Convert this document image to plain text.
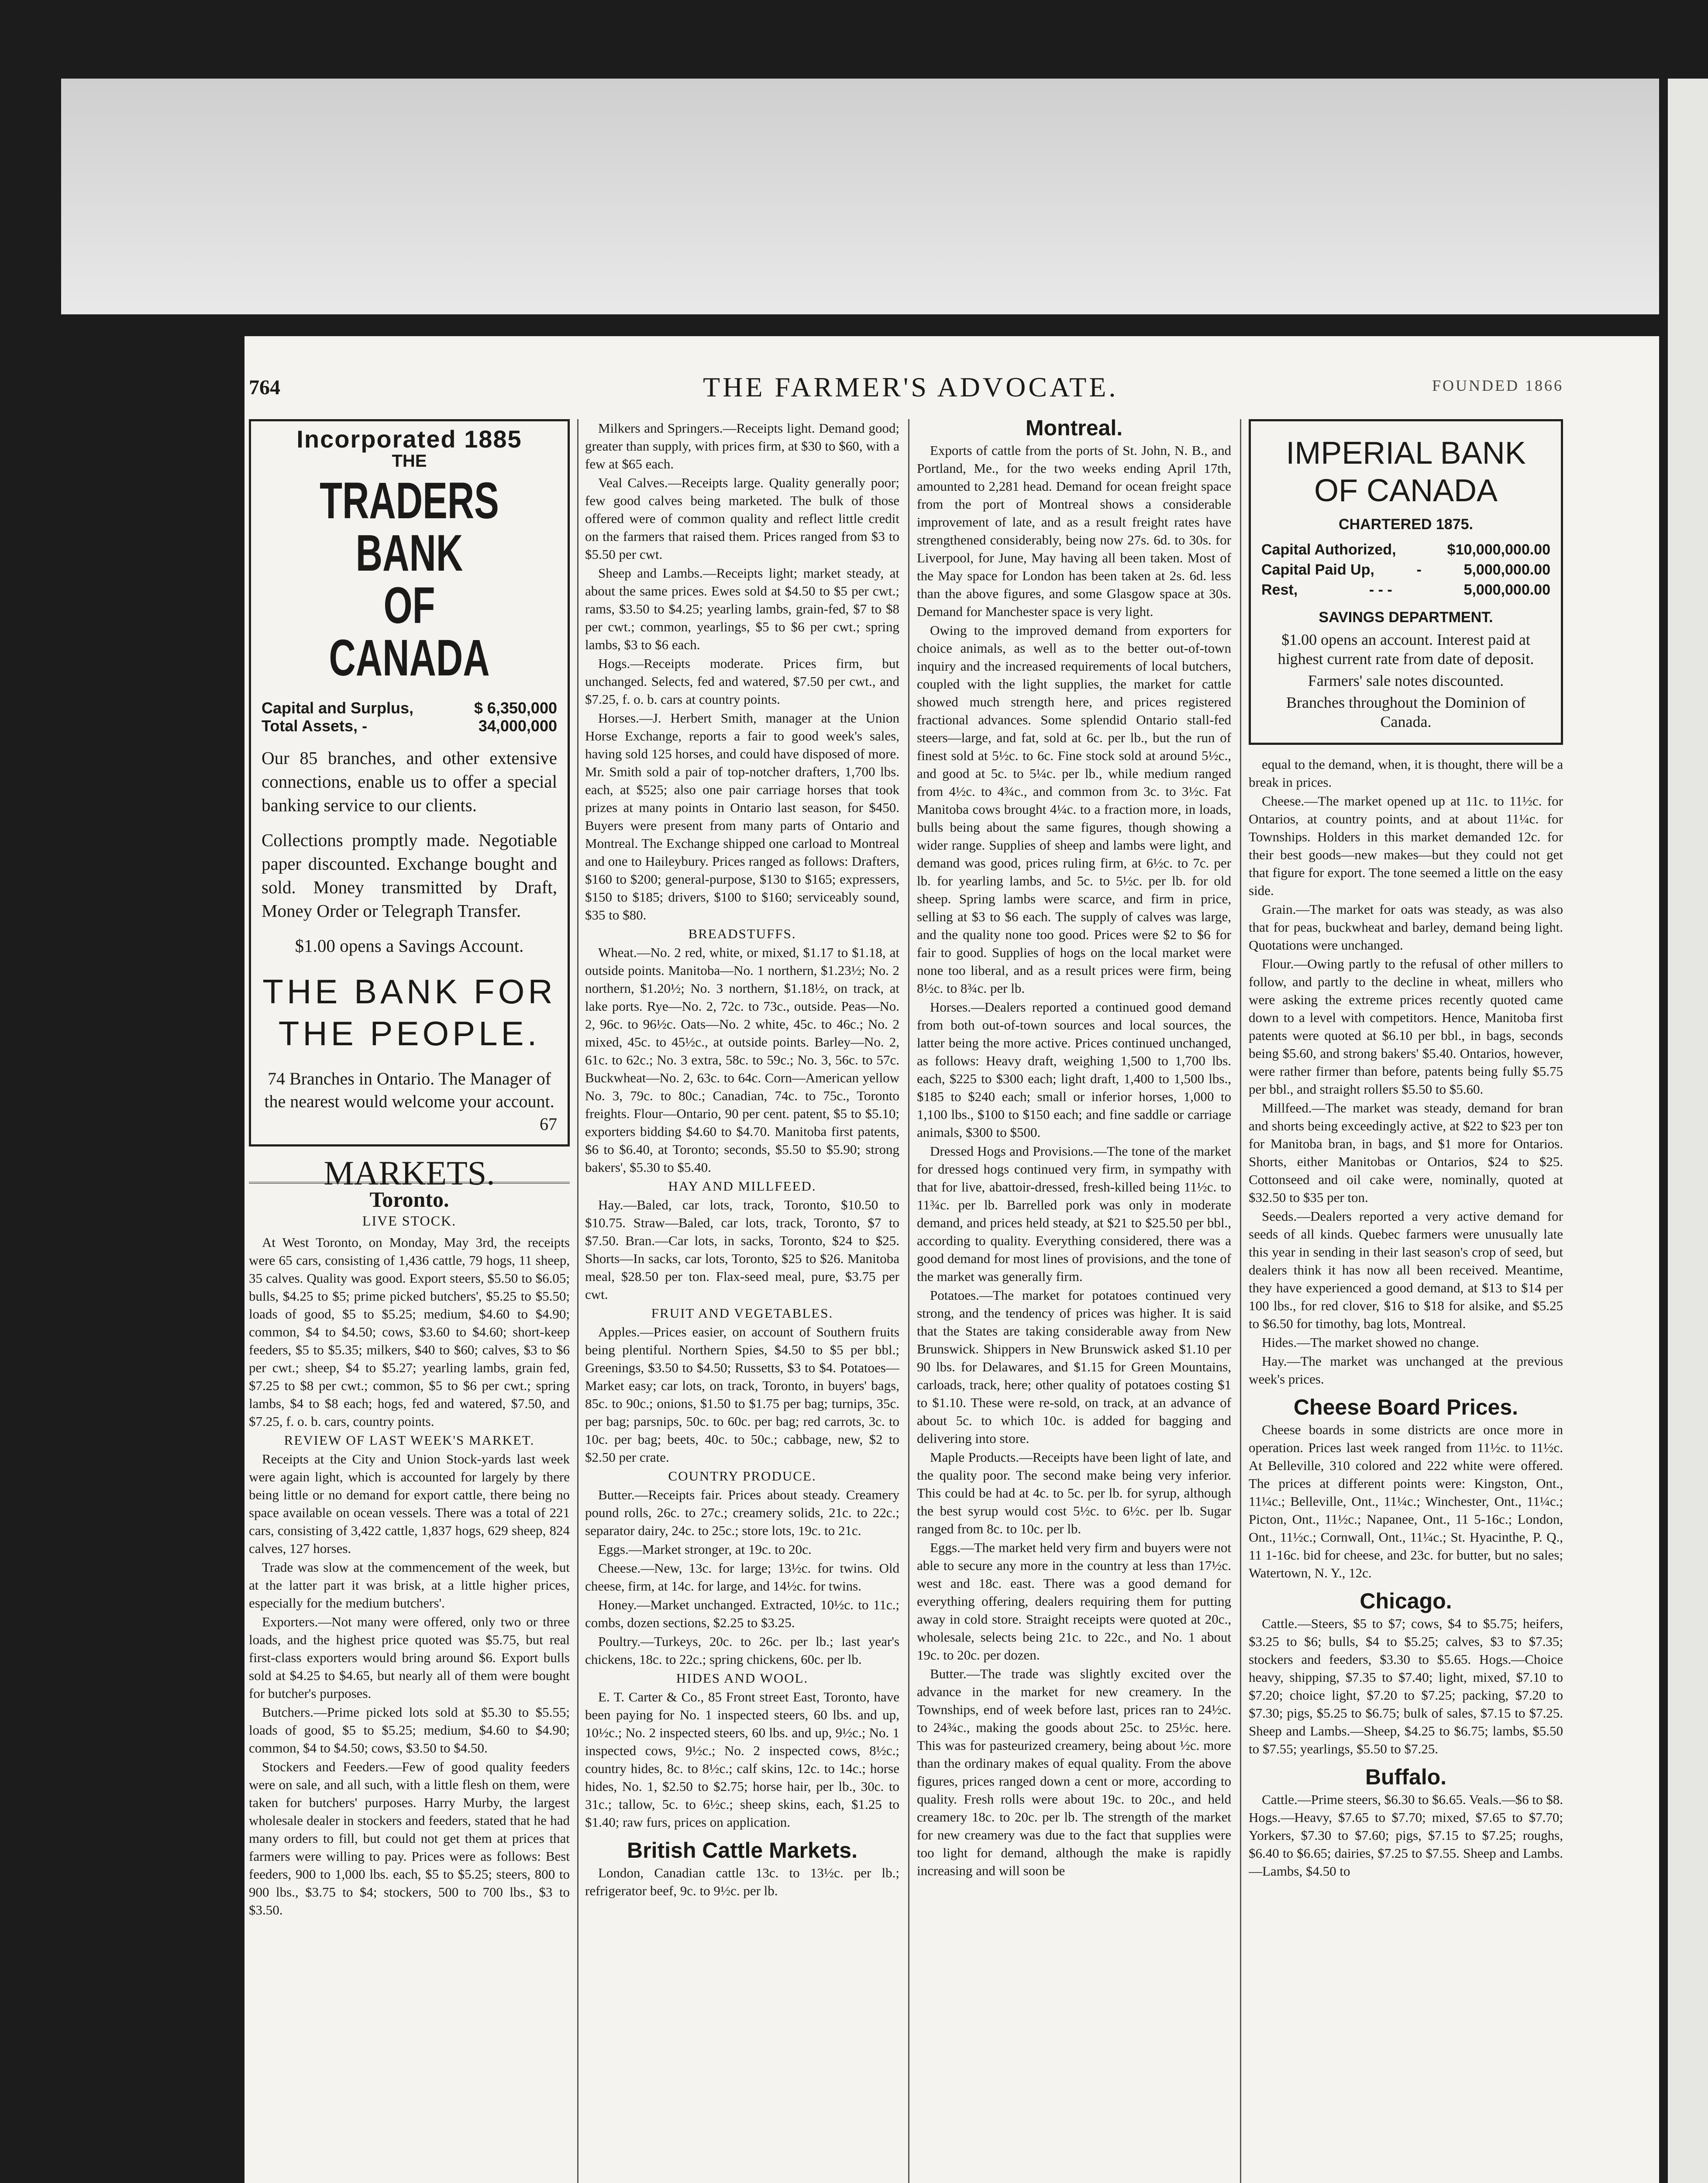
764	THE FARMER'S ADVOCATE.	FOUNDED 1866
Incorporated 1885
THE
TRADERS BANK
OF CANADA
Capital and Surplus,	$ 6,350,000
Total Assets, -	34,000,000
Our 85 branches, and other extensive connections, enable us to offer a special banking service to our clients.
Collections promptly made. Negotiable paper discounted. Exchange bought and sold. Money transmitted by Draft, Money Order or Telegraph Transfer.
$1.00 opens a Savings Account.
THE BANK FOR THE PEOPLE.
74 Branches in Ontario. The Manager of the nearest would welcome your account.
67
MARKETS.
Toronto.
LIVE STOCK.

At West Toronto, on Monday, May 3rd, the receipts were 65 cars, consisting of 1,436 cattle, 79 hogs, 11 sheep, 35 calves. Quality was good. Export steers, $5.50 to $6.05; bulls, $4.25 to $5; prime picked butchers', $5.25 to $5.50; loads of good, $5 to $5.25; medium, $4.60 to $4.90; common, $4 to $4.50; cows, $3.60 to $4.60; short-keep feeders, $5 to $5.35; milkers, $40 to $60; calves, $3 to $6 per cwt.; sheep, $4 to $5.27; yearling lambs, grain fed, $7.25 to $8 per cwt.; common, $5 to $6 per cwt.; spring lambs, $4 to $8 each; hogs, fed and watered, $7.50, and $7.25, f. o. b. cars, country points.

REVIEW OF LAST WEEK'S MARKET.

Receipts at the City and Union Stock-yards last week were again light, which is accounted for largely by there being little or no demand for export cattle, there being no space available on ocean vessels. There was a total of 221 cars, consisting of 3,422 cattle, 1,837 hogs, 629 sheep, 824 calves, 127 horses.

Trade was slow at the commencement of the week, but at the latter part it was brisk, at a little higher prices, especially for the medium butchers'.

Exporters.—Not many were offered, only two or three loads, and the highest price quoted was $5.75, but real first-class exporters would bring around $6. Export bulls sold at $4.25 to $4.65, but nearly all of them were bought for butcher's purposes.

Butchers.—Prime picked lots sold at $5.30 to $5.55; loads of good, $5 to $5.25; medium, $4.60 to $4.90; common, $4 to $4.50; cows, $3.50 to $4.50.

Stockers and Feeders.—Few of good quality feeders were on sale, and all such, with a little flesh on them, were taken for butchers' purposes. Harry Murby, the largest wholesale dealer in stockers and feeders, stated that he had many orders to fill, but could not get them at prices that farmers were willing to pay. Prices were as follows: Best feeders, 900 to 1,000 lbs. each, $5 to $5.25; steers, 800 to 900 lbs., $3.75 to $4; stockers, 500 to 700 lbs., $3 to $3.50.

Milkers and Springers.—Receipts light. Demand good; greater than supply, with prices firm, at $30 to $60, with a few at $65 each.

Veal Calves.—Receipts large. Quality generally poor; few good calves being marketed. The bulk of those offered were of common quality and reflect little credit on the farmers that raised them. Prices ranged from $3 to $5.50 per cwt.

Sheep and Lambs.—Receipts light; market steady, at about the same prices. Ewes sold at $4.50 to $5 per cwt.; rams, $3.50 to $4.25; yearling lambs, grain-fed, $7 to $8 per cwt.; common, yearlings, $5 to $6 per cwt.; spring lambs, $3 to $6 each.

Hogs.—Receipts moderate. Prices firm, but unchanged. Selects, fed and watered, $7.50 per cwt., and $7.25, f. o. b. cars at country points.

Horses.—J. Herbert Smith, manager at the Union Horse Exchange, reports a fair to good week's sales, having sold 125 horses, and could have disposed of more. Mr. Smith sold a pair of top-notcher drafters, 1,700 lbs. each, at $525; also one pair carriage horses that took prizes at many points in Ontario last season, for $450. Buyers were present from many parts of Ontario and Montreal. The Exchange shipped one carload to Montreal and one to Haileybury. Prices ranged as follows: Drafters, $160 to $200; general-purpose, $130 to $165; expressers, $150 to $185; drivers, $100 to $160; serviceably sound, $35 to $80.

BREADSTUFFS.

Wheat.—No. 2 red, white, or mixed, $1.17 to $1.18, at outside points. Manitoba—No. 1 northern, $1.23½; No. 2 northern, $1.20½; No. 3 northern, $1.18½, on track, at lake ports. Rye—No. 2, 72c. to 73c., outside. Peas—No. 2, 96c. to 96½c. Oats—No. 2 white, 45c. to 46c.; No. 2 mixed, 45c. to 45½c., at outside points. Barley—No. 2, 61c. to 62c.; No. 3 extra, 58c. to 59c.; No. 3, 56c. to 57c. Buckwheat—No. 2, 63c. to 64c. Corn—American yellow No. 3, 79c. to 80c.; Canadian, 74c. to 75c., Toronto freights. Flour—Ontario, 90 per cent. patent, $5 to $5.10; exporters bidding $4.60 to $4.70. Manitoba first patents, $6 to $6.40, at Toronto; seconds, $5.50 to $5.90; strong bakers', $5.30 to $5.40.

HAY AND MILLFEED.

Hay.—Baled, car lots, track, Toronto, $10.50 to $10.75. Straw—Baled, car lots, track, Toronto, $7 to $7.50. Bran.—Car lots, in sacks, Toronto, $24 to $25. Shorts—In sacks, car lots, Toronto, $25 to $26. Manitoba meal, $28.50 per ton. Flax-seed meal, pure, $3.75 per cwt.

FRUIT AND VEGETABLES.

Apples.—Prices easier, on account of Southern fruits being plentiful. Northern Spies, $4.50 to $5 per bbl.; Greenings, $3.50 to $4.50; Russetts, $3 to $4. Potatoes—Market easy; car lots, on track, Toronto, in buyers' bags, 85c. to 90c.; onions, $1.50 to $1.75 per bag; turnips, 35c. per bag; parsnips, 50c. to 60c. per bag; red carrots, 3c. to 10c. per bag; beets, 40c. to 50c.; cabbage, new, $2 to $2.50 per crate.

COUNTRY PRODUCE.

Butter.—Receipts fair. Prices about steady. Creamery pound rolls, 26c. to 27c.; creamery solids, 21c. to 22c.; separator dairy, 24c. to 25c.; store lots, 19c. to 21c.

Eggs.—Market stronger, at 19c. to 20c.

Cheese.—New, 13c. for large; 13½c. for twins. Old cheese, firm, at 14c. for large, and 14½c. for twins.

Honey.—Market unchanged. Extracted, 10½c. to 11c.; combs, dozen sections, $2.25 to $3.25.

Poultry.—Turkeys, 20c. to 26c. per lb.; last year's chickens, 18c. to 22c.; spring chickens, 60c. per lb.

HIDES AND WOOL.

E. T. Carter & Co., 85 Front street East, Toronto, have been paying for No. 1 inspected steers, 60 lbs. and up, 10½c.; No. 2 inspected steers, 60 lbs. and up, 9½c.; No. 1 inspected cows, 9½c.; No. 2 inspected cows, 8½c.; country hides, 8c. to 8½c.; calf skins, 12c. to 14c.; horse hides, No. 1, $2.50 to $2.75; horse hair, per lb., 30c. to 31c.; tallow, 5c. to 6½c.; sheep skins, each, $1.25 to $1.40; raw furs, prices on application.

British Cattle Markets.

London, Canadian cattle 13c. to 13½c. per lb.; refrigerator beef, 9c. to 9½c. per lb.

Montreal.

Exports of cattle from the ports of St. John, N. B., and Portland, Me., for the two weeks ending April 17th, amounted to 2,281 head. Demand for ocean freight space from the port of Montreal shows a considerable improvement of late, and as a result freight rates have strengthened considerably, being now 27s. 6d. to 30s. for Liverpool, for June, May having all been taken. Most of the May space for London has been taken at 2s. 6d. less than the above figures, and some Glasgow space at 30s. Demand for Manchester space is very light.

Owing to the improved demand from exporters for choice animals, as well as to the better out-of-town inquiry and the increased requirements of local butchers, coupled with the light supplies, the market for cattle showed much strength here, and prices registered fractional advances. Some splendid Ontario stall-fed steers—large, and fat, sold at 6c. per lb., but the run of finest sold at 5½c. to 6c. Fine stock sold at around 5½c., and good at 5c. to 5¼c. per lb., while medium ranged from 4½c. to 4¾c., and common from 3c. to 3½c. Fat Manitoba cows brought 4¼c. to a fraction more, in loads, bulls being about the same figures, though showing a wider range. Supplies of sheep and lambs were light, and demand was good, prices ruling firm, at 6½c. to 7c. per lb. for yearling lambs, and 5c. to 5½c. per lb. for old sheep. Spring lambs were scarce, and firm in price, selling at $3 to $6 each. The supply of calves was large, and the quality none too good. Prices were $2 to $6 for fair to good. Supplies of hogs on the local market were none too liberal, and as a result prices were firm, being 8½c. to 8¾c. per lb.

Horses.—Dealers reported a continued good demand from both out-of-town sources and local sources, the latter being the more active. Prices continued unchanged, as follows: Heavy draft, weighing 1,500 to 1,700 lbs. each, $225 to $300 each; light draft, 1,400 to 1,500 lbs., $185 to $240 each; small or inferior horses, 1,000 to 1,100 lbs., $100 to $150 each; and fine saddle or carriage animals, $300 to $500.

Dressed Hogs and Provisions.—The tone of the market for dressed hogs continued very firm, in sympathy with that for live, abattoir-dressed, fresh-killed being 11½c. to 11¾c. per lb. Barrelled pork was only in moderate demand, and prices held steady, at $21 to $25.50 per bbl., according to quality. Everything considered, there was a good demand for most lines of provisions, and the tone of the market was generally firm.

Potatoes.—The market for potatoes continued very strong, and the tendency of prices was higher. It is said that the States are taking considerable away from New Brunswick. Shippers in New Brunswick asked $1.10 per 90 lbs. for Delawares, and $1.15 for Green Mountains, carloads, track, here; other quality of potatoes costing $1 to $1.10. These were re-sold, on track, at an advance of about 5c. to which 10c. is added for bagging and delivering into store.

Maple Products.—Receipts have been light of late, and the quality poor. The second make being very inferior. This could be had at 4c. to 5c. per lb. for syrup, although the best syrup would cost 5½c. to 6½c. per lb. Sugar ranged from 8c. to 10c. per lb.

Eggs.—The market held very firm and buyers were not able to secure any more in the country at less than 17½c. west and 18c. east. There was a good demand for everything offering, dealers requiring them for putting away in cold store. Straight receipts were quoted at 20c., wholesale, selects being 21c. to 22c., and No. 1 about 19c. to 20c. per dozen.

Butter.—The trade was slightly excited over the advance in the market for new creamery. In the Townships, end of week before last, prices ran to 24½c. to 24¾c., making the goods about 25c. to 25½c. here. This was for pasteurized creamery, being about ½c. more than the ordinary makes of equal quality. From the above figures, prices ranged down a cent or more, according to quality. Fresh rolls were about 19c. to 20c., and held creamery 18c. to 20c. per lb. The strength of the market for new creamery was due to the fact that supplies were too light for demand, although the make is rapidly increasing and will soon be

IMPERIAL BANK OF CANADA
CHARTERED 1875.
Capital Authorized,	$10,000,000.00
Capital Paid Up,	-	5,000,000.00
Rest,	- - -	5,000,000.00
SAVINGS DEPARTMENT.
$1.00 opens an account. Interest paid at highest current rate from date of deposit.
Farmers' sale notes discounted.
Branches throughout the Dominion of Canada.

equal to the demand, when, it is thought, there will be a break in prices.

Cheese.—The market opened up at 11c. to 11½c. for Ontarios, at country points, and at about 11¼c. for Townships. Holders in this market demanded 12c. for their best goods—new makes—but they could not get that figure for export. The tone seemed a little on the easy side.

Grain.—The market for oats was steady, as was also that for peas, buckwheat and barley, demand being light. Quotations were unchanged.

Flour.—Owing partly to the refusal of other millers to follow, and partly to the decline in wheat, millers who were asking the extreme prices recently quoted came down to a level with competitors. Hence, Manitoba first patents were quoted at $6.10 per bbl., in bags, seconds being $5.60, and strong bakers' $5.40. Ontarios, however, were rather firmer than before, patents being fully $5.75 per bbl., and straight rollers $5.50 to $5.60.

Millfeed.—The market was steady, demand for bran and shorts being exceedingly active, at $22 to $23 per ton for Manitoba bran, in bags, and $1 more for Ontarios. Shorts, either Manitobas or Ontarios, $24 to $25. Cottonseed and oil cake were, nominally, quoted at $32.50 to $35 per ton.

Seeds.—Dealers reported a very active demand for seeds of all kinds. Quebec farmers were unusually late this year in sending in their last season's crop of seed, but dealers think it has now all been received. Meantime, they have experienced a good demand, at $13 to $14 per 100 lbs., for red clover, $16 to $18 for alsike, and $5.25 to $6.50 for timothy, bag lots, Montreal.

Hides.—The market showed no change.

Hay.—The market was unchanged at the previous week's prices.

Cheese Board Prices.

Cheese boards in some districts are once more in operation. Prices last week ranged from 11½c. to 11½c. At Belleville, 310 colored and 222 white were offered. The prices at different points were: Kingston, Ont., 11¼c.; Belleville, Ont., 11¼c.; Winchester, Ont., 11¼c.; Picton, Ont., 11½c.; Napanee, Ont., 11 5-16c.; London, Ont., 11½c.; Cornwall, Ont., 11¼c.; St. Hyacinthe, P. Q., 11 1-16c. bid for cheese, and 23c. for butter, but no sales; Watertown, N. Y., 12c.

Chicago.

Cattle.—Steers, $5 to $7; cows, $4 to $5.75; heifers, $3.25 to $6; bulls, $4 to $5.25; calves, $3 to $7.35; stockers and feeders, $3.30 to $5.65. Hogs.—Choice heavy, shipping, $7.35 to $7.40; light, mixed, $7.10 to $7.20; choice light, $7.20 to $7.25; packing, $7.20 to $7.30; pigs, $5.25 to $6.75; bulk of sales, $7.15 to $7.25. Sheep and Lambs.—Sheep, $4.25 to $6.75; lambs, $5.50 to $7.55; yearlings, $5.50 to $7.25.

Buffalo.

Cattle.—Prime steers, $6.30 to $6.65. Veals.—$6 to $8. Hogs.—Heavy, $7.65 to $7.70; mixed, $7.65 to $7.70; Yorkers, $7.30 to $7.60; pigs, $7.15 to $7.25; roughs, $6.40 to $6.65; dairies, $7.25 to $7.55. Sheep and Lambs.—Lambs, $4.50 to
